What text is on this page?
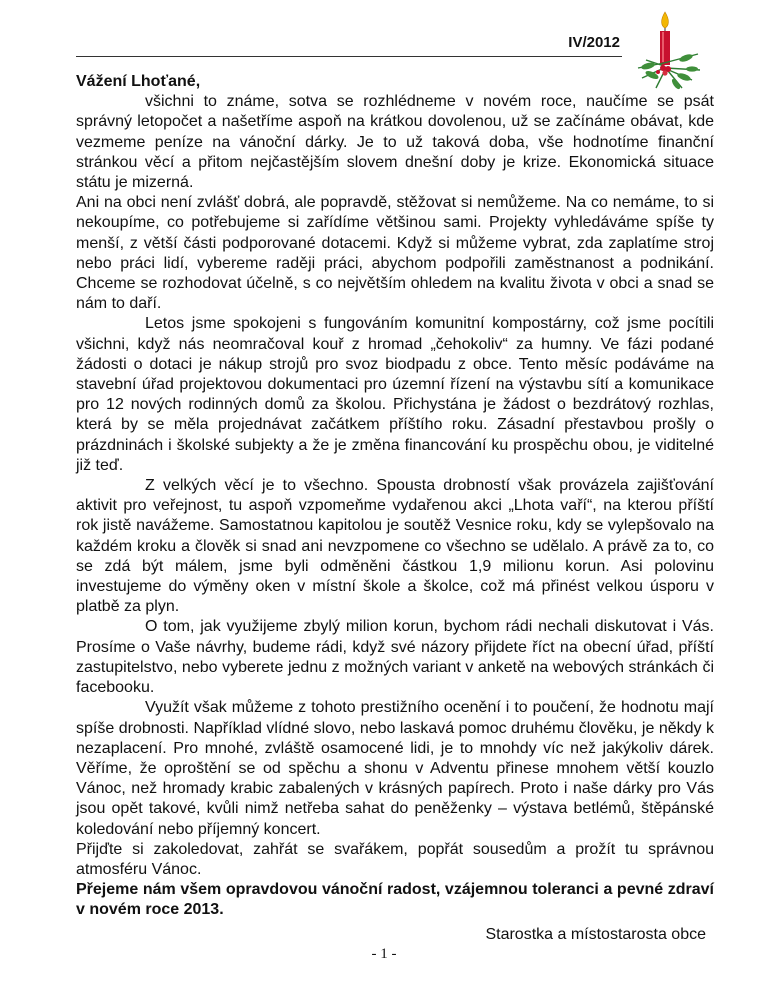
IV/2012

Vážení Lhoťané,

všichni to známe, sotva se rozhlédneme v novém roce, naučíme se psát správný letopočet a našetříme aspoň na krátkou dovolenou, už se začínáme obávat, kde vezmeme peníze na vánoční dárky. Je to už taková doba, vše hodnotíme finanční stránkou věcí a přitom nejčastějším slovem dnešní doby je krize. Ekonomická situace státu je mizerná.

Ani na obci není zvlášť dobrá, ale popravdě, stěžovat si nemůžeme. Na co nemáme, to si nekoupíme, co potřebujeme si zařídíme většinou sami. Projekty vyhledáváme spíše ty menší, z větší části podporované dotacemi. Když si můžeme vybrat, zda zaplatíme stroj nebo práci lidí, vybereme raději práci, abychom podpořili zaměstnanost a podnikání. Chceme se rozhodovat účelně, s co největším ohledem na kvalitu života v obci a snad se nám to daří.

Letos jsme spokojeni s fungováním komunitní kompostárny, což jsme pocítili všichni, když nás neomračoval kouř z hromad „čehokoliv“ za humny. Ve fázi podané žádosti o dotaci je nákup strojů pro svoz biodpadu z obce. Tento měsíc podáváme na stavební úřad projektovou dokumentaci pro územní řízení na výstavbu sítí a komunikace pro 12 nových rodinných domů za školou. Přichystána je žádost o bezdrátový rozhlas, která by se měla projednávat začátkem příštího roku. Zásadní přestavbou prošly o prázdninách i školské subjekty a že je změna financování ku prospěchu obou, je viditelné již teď.

Z velkých věcí je to všechno. Spousta drobností však provázela zajišťování aktivit pro veřejnost, tu aspoň vzpomeňme vydařenou akci „Lhota vaří“, na kterou příští rok jistě navážeme. Samostatnou kapitolou je soutěž Vesnice roku, kdy se vylepšovalo na každém kroku a člověk si snad ani nevzpomene co všechno se udělalo. A právě za to, co se zdá být málem, jsme byli odměněni částkou 1,9 milionu korun. Asi polovinu investujeme do výměny oken v místní škole a školce, což má přinést velkou úsporu v platbě za plyn.

O tom, jak využijeme zbylý milion korun, bychom rádi nechali diskutovat i Vás. Prosíme o Vaše návrhy, budeme rádi, když své názory přijdete říct na obecní úřad, příští zastupitelstvo, nebo vyberete jednu z možných variant v anketě na webových stránkách či facebooku.

Využít však můžeme z tohoto prestižního ocenění i to poučení, že hodnotu mají spíše drobnosti. Například vlídné slovo, nebo laskavá pomoc druhému člověku, je někdy k nezaplacení. Pro mnohé, zvláště osamocené lidi, je to mnohdy víc než jakýkoliv dárek. Věříme, že oproštění se od spěchu a shonu v Adventu přinese mnohem větší kouzlo Vánoc, než hromady krabic zabalených v krásných papírech. Proto i naše dárky pro Vás jsou opět takové, kvůli nimž netřeba sahat do peněženky – výstava betlémů, štěpánské koledování nebo příjemný koncert.

Přijďte si zakoledovat, zahřát se svařákem, popřát sousedům a prožít tu správnou atmosféru Vánoc.

Přejeme nám všem opravdovou vánoční radost, vzájemnou toleranci a pevné zdraví v novém roce 2013.

Starostka a místostarosta obce

- 1 -
